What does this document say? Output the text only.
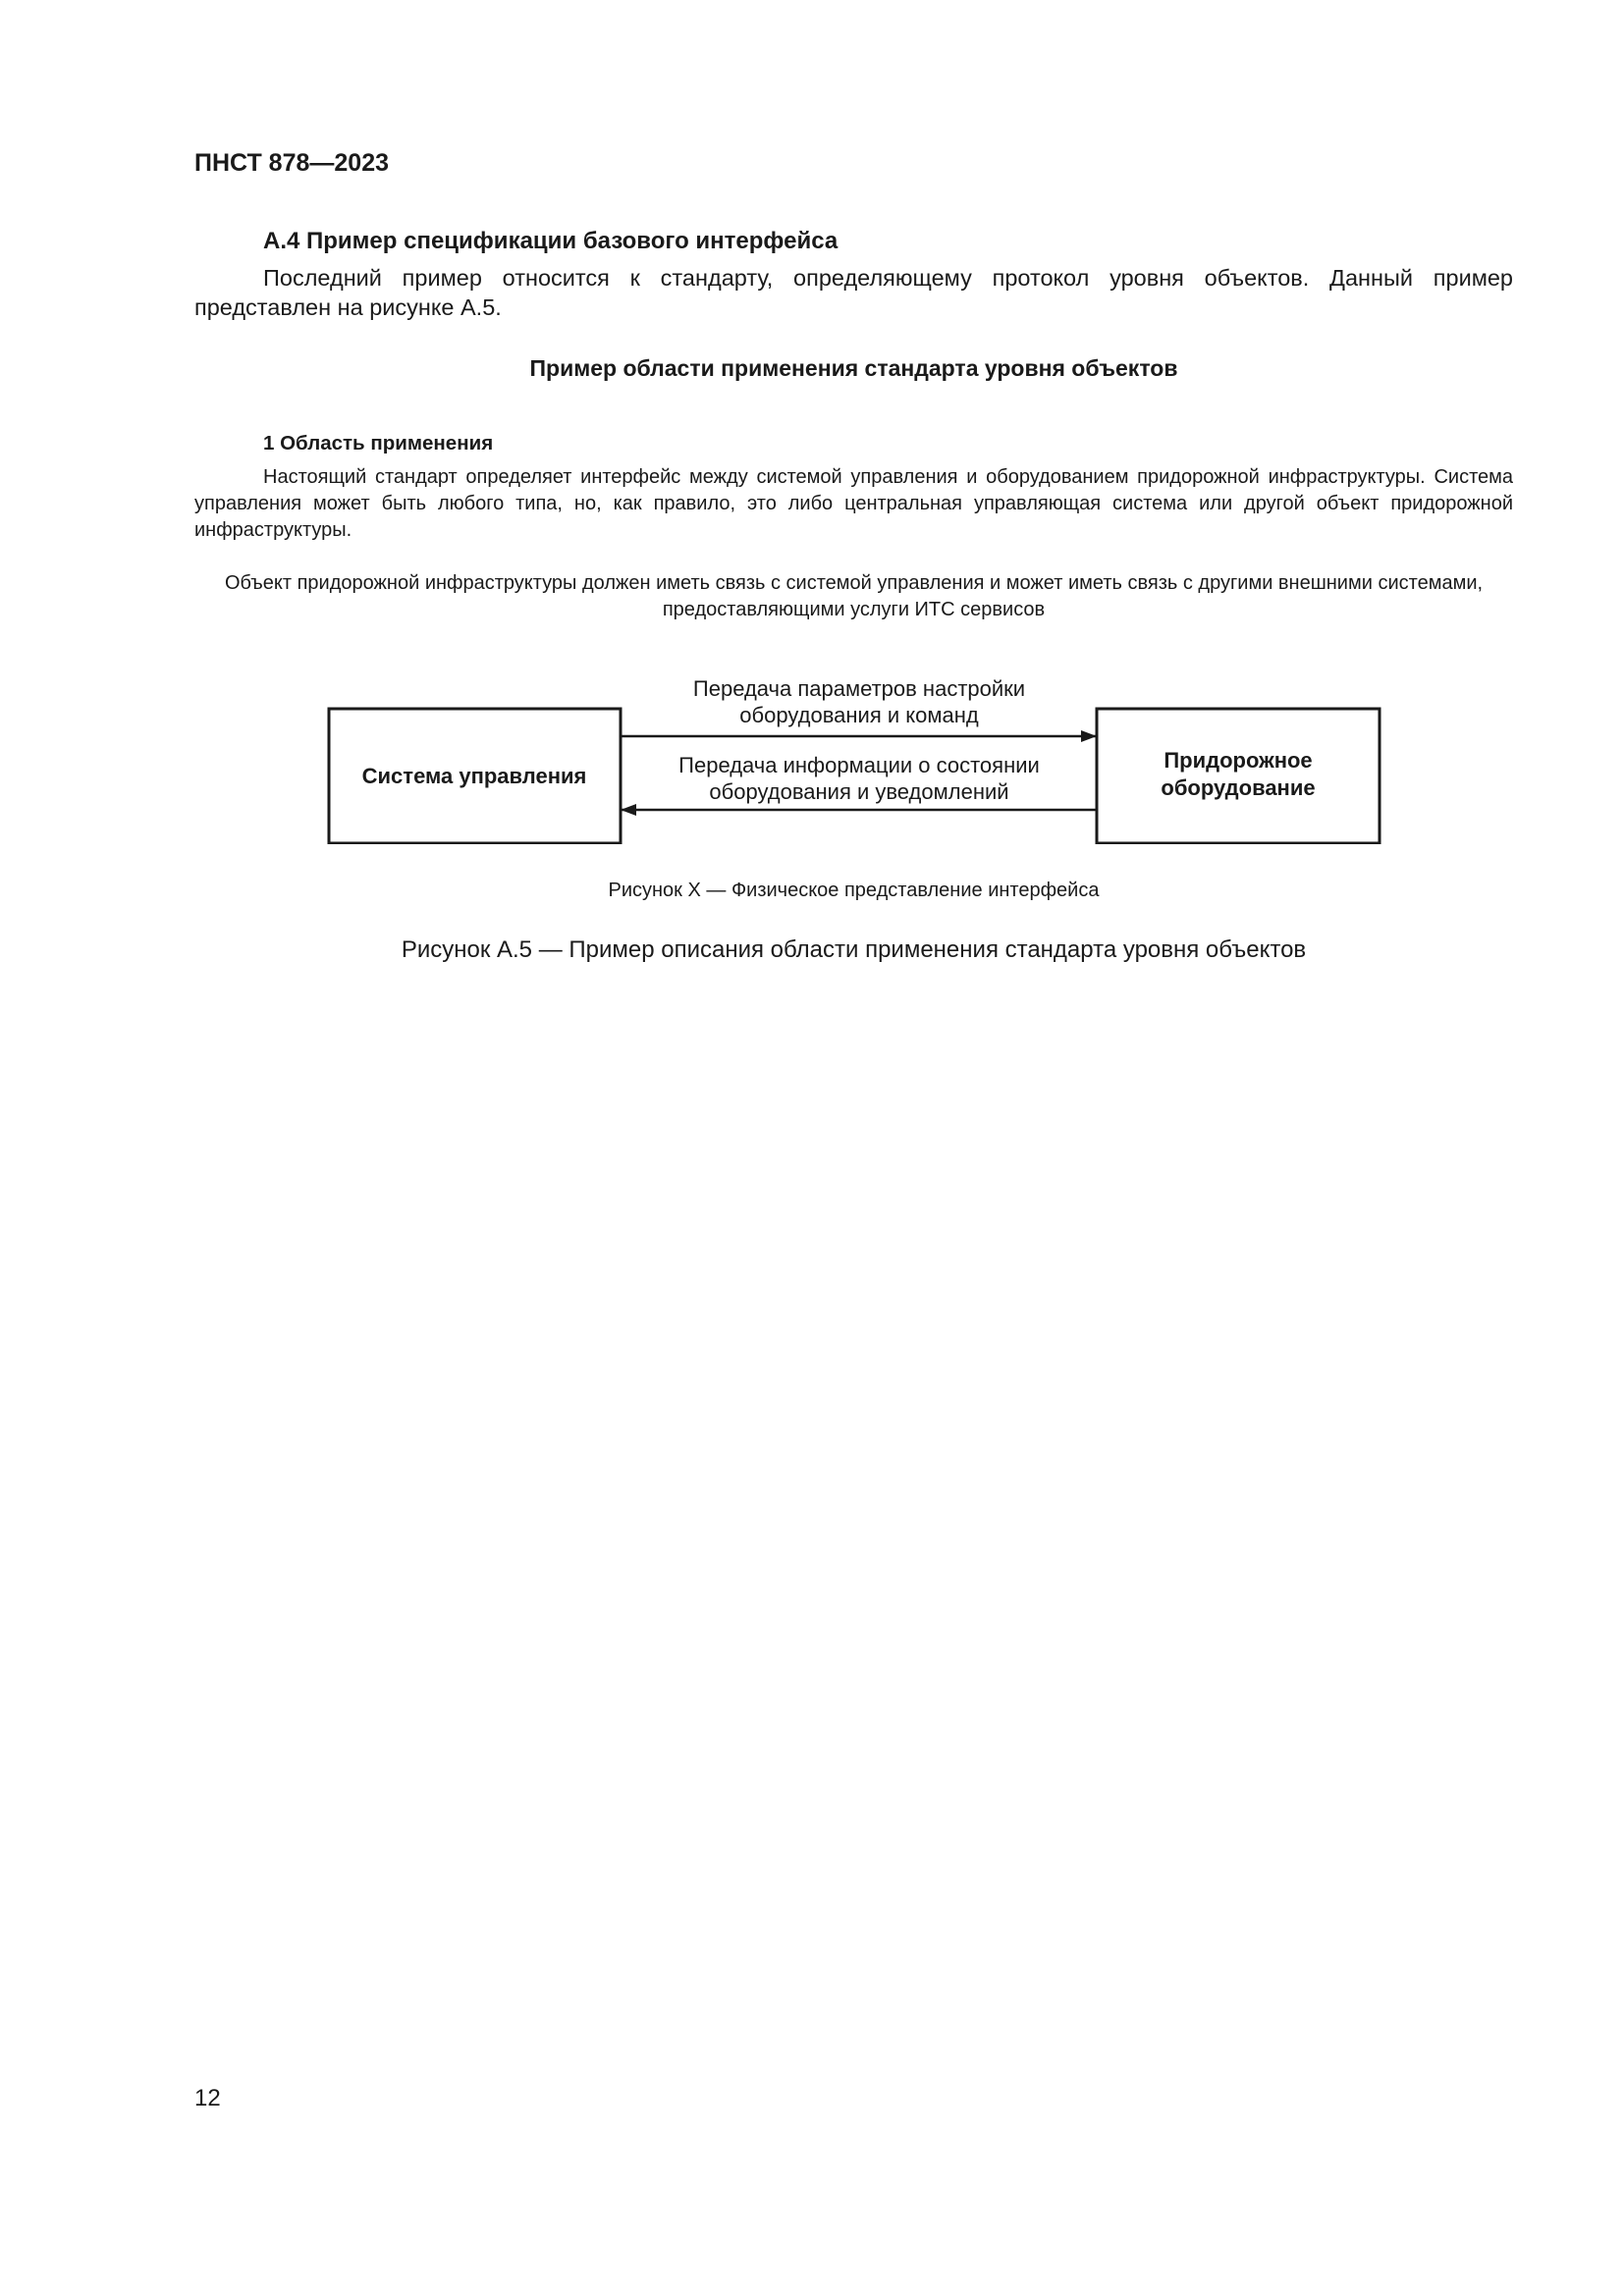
ПНСТ 878—2023

А.4 Пример спецификации базового интерфейса

Последний пример относится к стандарту, определяющему протокол уровня объектов. Данный пример представлен на рисунке А.5.

Пример области применения стандарта уровня объектов

1 Область применения

Настоящий стандарт определяет интерфейс между системой управления и оборудованием придорожной инфраструктуры. Система управления может быть любого типа, но, как правило, это либо центральная управляющая система или другой объект придорожной инфраструктуры.

Объект придорожной инфраструктуры должен иметь связь с системой управления и может иметь связь с другими внешними системами, предоставляющими услуги ИТС сервисов

Система управления
Придорожное
оборудование
Передача параметров настройки
оборудования и команд
Передача информации о состоянии
оборудования и уведомлений

Рисунок X — Физическое представление интерфейса

Рисунок А.5 — Пример описания области применения стандарта уровня объектов

12
